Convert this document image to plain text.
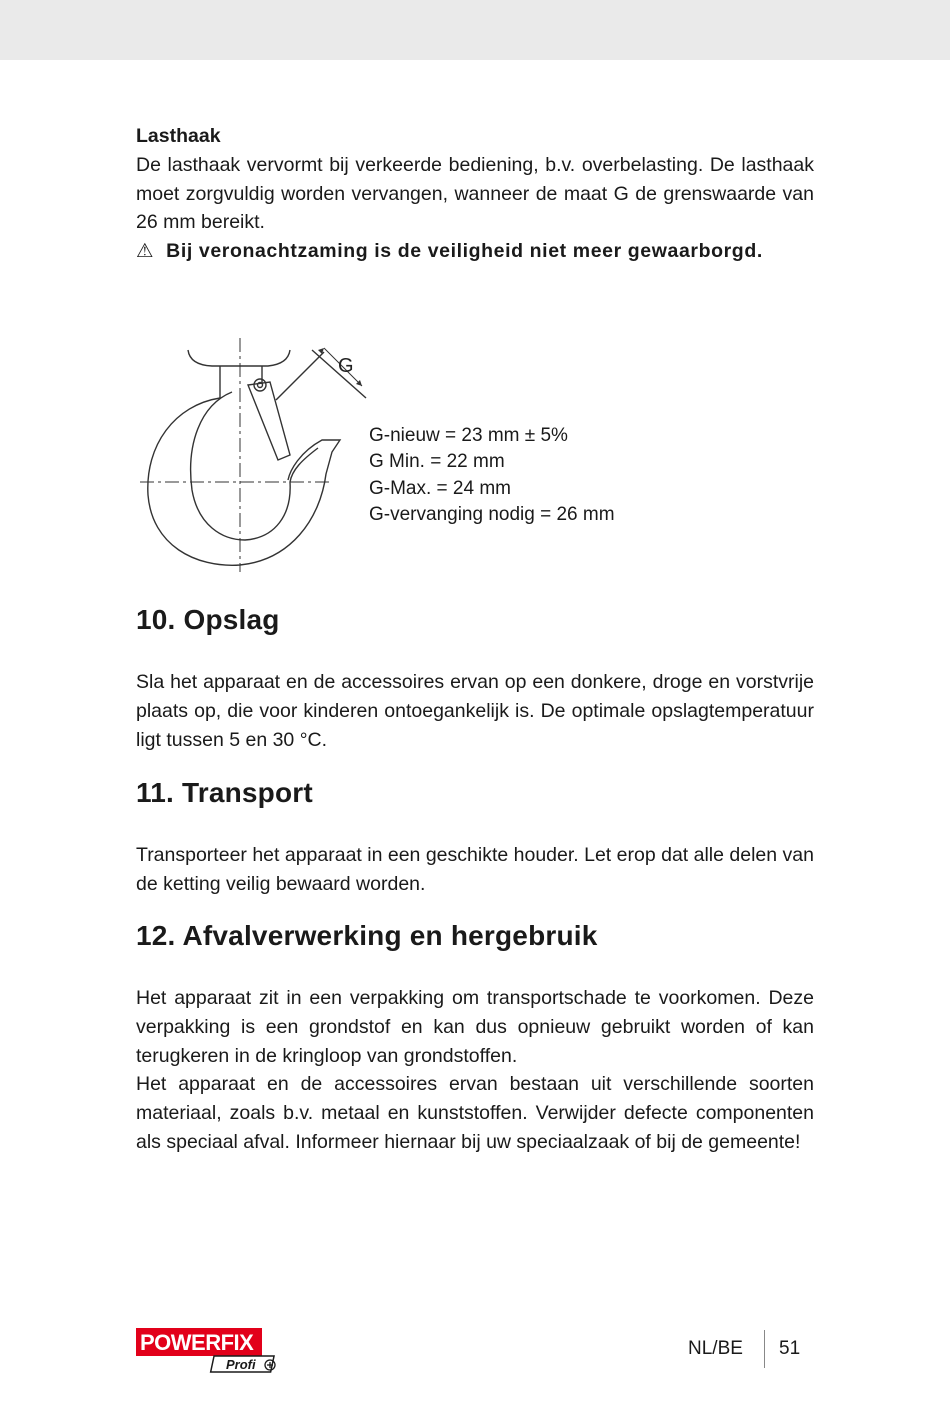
Lasthaak

De lasthaak vervormt bij verkeerde bediening, b.v. overbelasting. De lasthaak moet zorgvuldig worden vervangen, wanneer de maat G de grenswaarde van 26 mm bereikt.

⚠ Bij veronachtzaming is de veiligheid niet meer gewaarborgd.

G
G-nieuw = 23 mm ± 5%
G Min. = 22 mm
G-Max. = 24 mm
G-vervanging nodig = 26 mm

10. Opslag

Sla het apparaat en de accessoires ervan op een donkere, droge en vorstvrije plaats op, die voor kinderen ontoegankelijk is. De optimale opslagtemperatuur ligt tussen 5 en 30 °C.

11. Transport

Transporteer het apparaat in een geschikte houder. Let erop dat alle delen van de ketting veilig bewaard worden.

12. Afvalverwerking en hergebruik

Het apparaat zit in een verpakking om transportschade te voorkomen. Deze verpakking is een grondstof en kan dus opnieuw gebruikt worden of kan terugkeren in de kringloop van grondstoffen.

Het apparaat en de accessoires ervan bestaan uit verschillende soorten materiaal, zoals b.v. metaal en kunststoffen. Verwijder defecte componenten als speciaal afval. Informeer hiernaar bij uw speciaalzaak of bij de gemeente!

POWERFIX
Profi
NL/BE 51
